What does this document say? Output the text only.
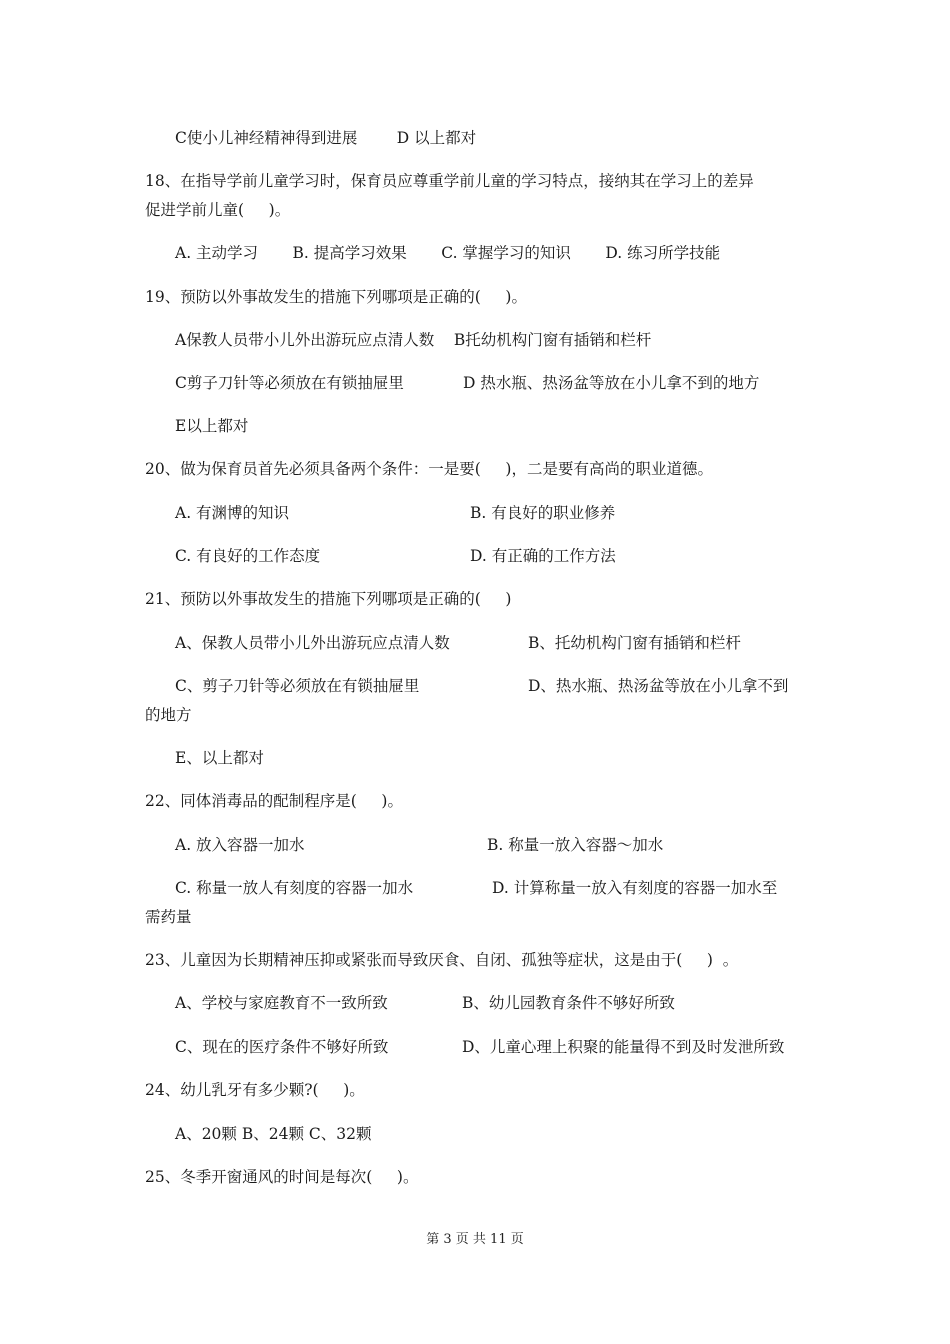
C使小儿神经精神得到进展        D 以上都对
18、在指导学前儿童学习时，保育员应尊重学前儿童的学习特点，接纳其在学习上的差异
促进学前儿童(     )。
A. 主动学习       B. 提高学习效果       C. 掌握学习的知识       D. 练习所学技能
19、预防以外事故发生的措施下列哪项是正确的(     )。
A保教人员带小儿外出游玩应点清人数    B托幼机构门窗有插销和栏杆
C剪子刀针等必须放在有锁抽屉里            D 热水瓶、热汤盆等放在小儿拿不到的地方
E以上都对
20、做为保育员首先必须具备两个条件：一是要(     )，二是要有高尚的职业道德。
A. 有渊博的知识	B. 有良好的职业修养
C. 有良好的工作态度	D. 有正确的工作方法
21、预防以外事故发生的措施下列哪项是正确的(     )
A、保教人员带小儿外出游玩应点清人数	B、托幼机构门窗有插销和栏杆
C、剪子刀针等必须放在有锁抽屉里	D、热水瓶、热汤盆等放在小儿拿不到
的地方
E、以上都对
22、同体消毒品的配制程序是(     )。
A. 放入容器一加水	B. 称量一放入容器～加水
C. 称量一放人有刻度的容器一加水	D. 计算称量一放入有刻度的容器一加水至
需药量
23、儿童因为长期精神压抑或紧张而导致厌食、自闭、孤独等症状，这是由于(     )  。
A、学校与家庭教育不一致所致	B、幼儿园教育条件不够好所致
C、现在的医疗条件不够好所致	D、儿童心理上积聚的能量得不到及时发泄所致
24、幼儿乳牙有多少颗?(     )。
A、20颗 B、24颗 C、32颗
25、冬季开窗通风的时间是每次(     )。
第 3 页 共 11 页
